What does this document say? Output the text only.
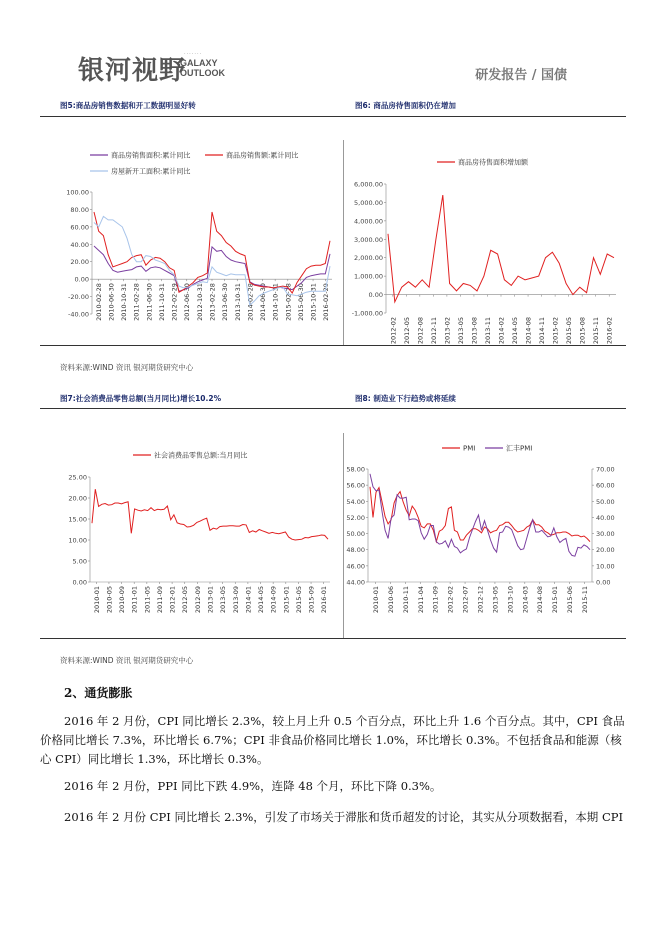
银河视野
·······
GALAXY
OUTLOOK	研发报告 / 国债
图5:商品房销售数据和开工数据明显好转	图6: 商品房待售面积仍在增加
100.00
80.00
60.00
40.00
20.00
0.00
-20.00
-40.00 2010-02-28 2010-06-30 2010-10-31 2011-02-28 2011-06-30 2011-10-31 2012-02-29 2012-06-30 2012-10-31 2013-02-28 2013-06-30 2013-10-31 2014-02-28 2014-06-30 2014-10-31 2015-02-28 2015-06-30 2015-10-31 2016-02-29
商品房销售面积:累计同比	商品房销售额:累计同比
房屋新开工面积:累计同比
6,000.00
5,000.00
4,000.00
3,000.00
2,000.00
1,000.00
0.00
-1,000.00
2012-02 2012-05 2012-08 2012-11 2013-02 2013-05 2013-08 2013-11 2014-02 2014-05 2014-08 2014-11 2015-02 2015-05 2015-08 2015-11 2016-02
商品房待售面积增加额
资料来源:WIND 资讯 银河期货研究中心
图7:社会消费品零售总额(当月同比)增长10.2%	图8: 制造业下行趋势或将延续
25.00
20.00
15.00
10.00
5.00
0.00
2010-01 2010-05 2010-09 2011-01 2011-05 2011-09 2012-01 2012-05 2012-09 2013-01 2013-05 2013-09 2014-01 2014-05 2014-09 2015-01 2015-05 2015-09 2016-01
社会消费品零售总额:当月同比
58.00
56.00
54.00
52.00
50.00
48.00
46.00
44.00
70.00
60.00
50.00
40.00
30.00
20.00
10.00
0.00
2010-01 2010-06 2010-11 2011-04 2011-09 2012-02 2012-07 2012-12 2013-05 2013-10 2014-03 2014-08 2015-01 2015-06 2015-11
PMI	汇丰PMI
资料来源:WIND 资讯 银河期货研究中心
2、通货膨胀
2016 年 2 月份，CPI 同比增长 2.3%，较上月上升 0.5 个百分点，环比上升 1.6 个百分点。其中，CPI 食品价格同比增长 7.3%，环比增长 6.7%；CPI 非食品价格同比增长 1.0%，环比增长 0.3%。不包括食品和能源（核心 CPI）同比增长 1.3%，环比增长 0.3%。
2016 年 2 月份，PPI 同比下跌 4.9%，连降 48 个月，环比下降 0.3%。
2016 年 2 月份 CPI 同比增长 2.3%，引发了市场关于滞胀和货币超发的讨论，其实从分项数据看，本期 CPI
